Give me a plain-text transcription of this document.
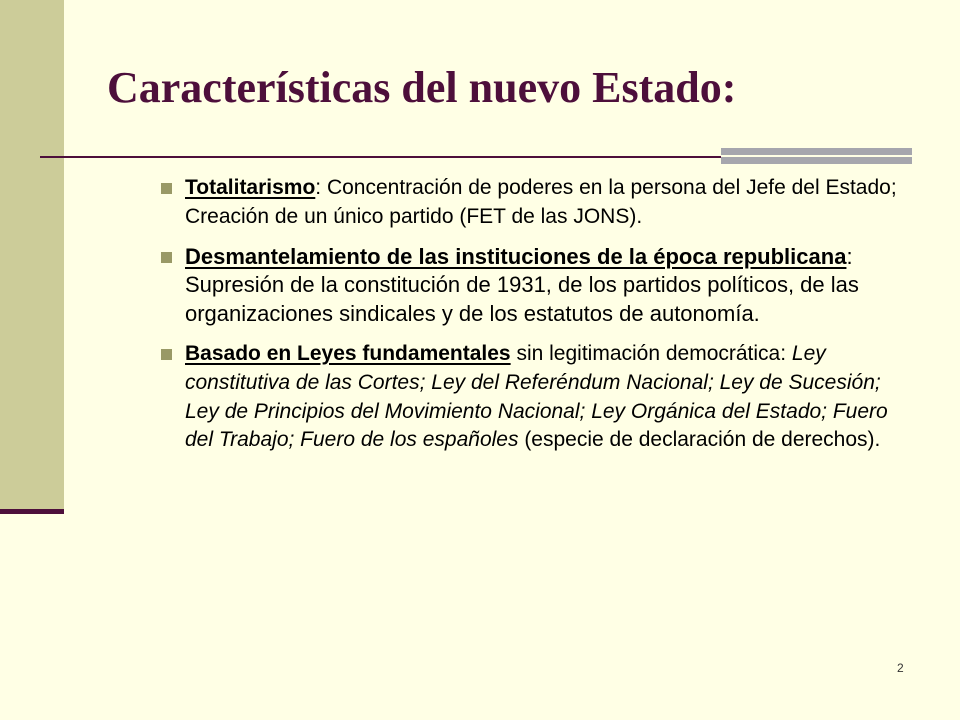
Características del nuevo Estado:
Totalitarismo: Concentración de poderes en la persona del Jefe del Estado; Creación de un único partido (FET de las JONS).
Desmantelamiento de las instituciones de la época republicana: Supresión de la constitución de 1931, de los partidos políticos, de las organizaciones sindicales y de los estatutos de autonomía.
Basado en Leyes fundamentales sin legitimación democrática: Ley constitutiva de las Cortes; Ley del Referéndum Nacional; Ley de Sucesión; Ley de Principios del Movimiento Nacional; Ley Orgánica del Estado; Fuero del Trabajo; Fuero de los españoles (especie de declaración de derechos).
2
